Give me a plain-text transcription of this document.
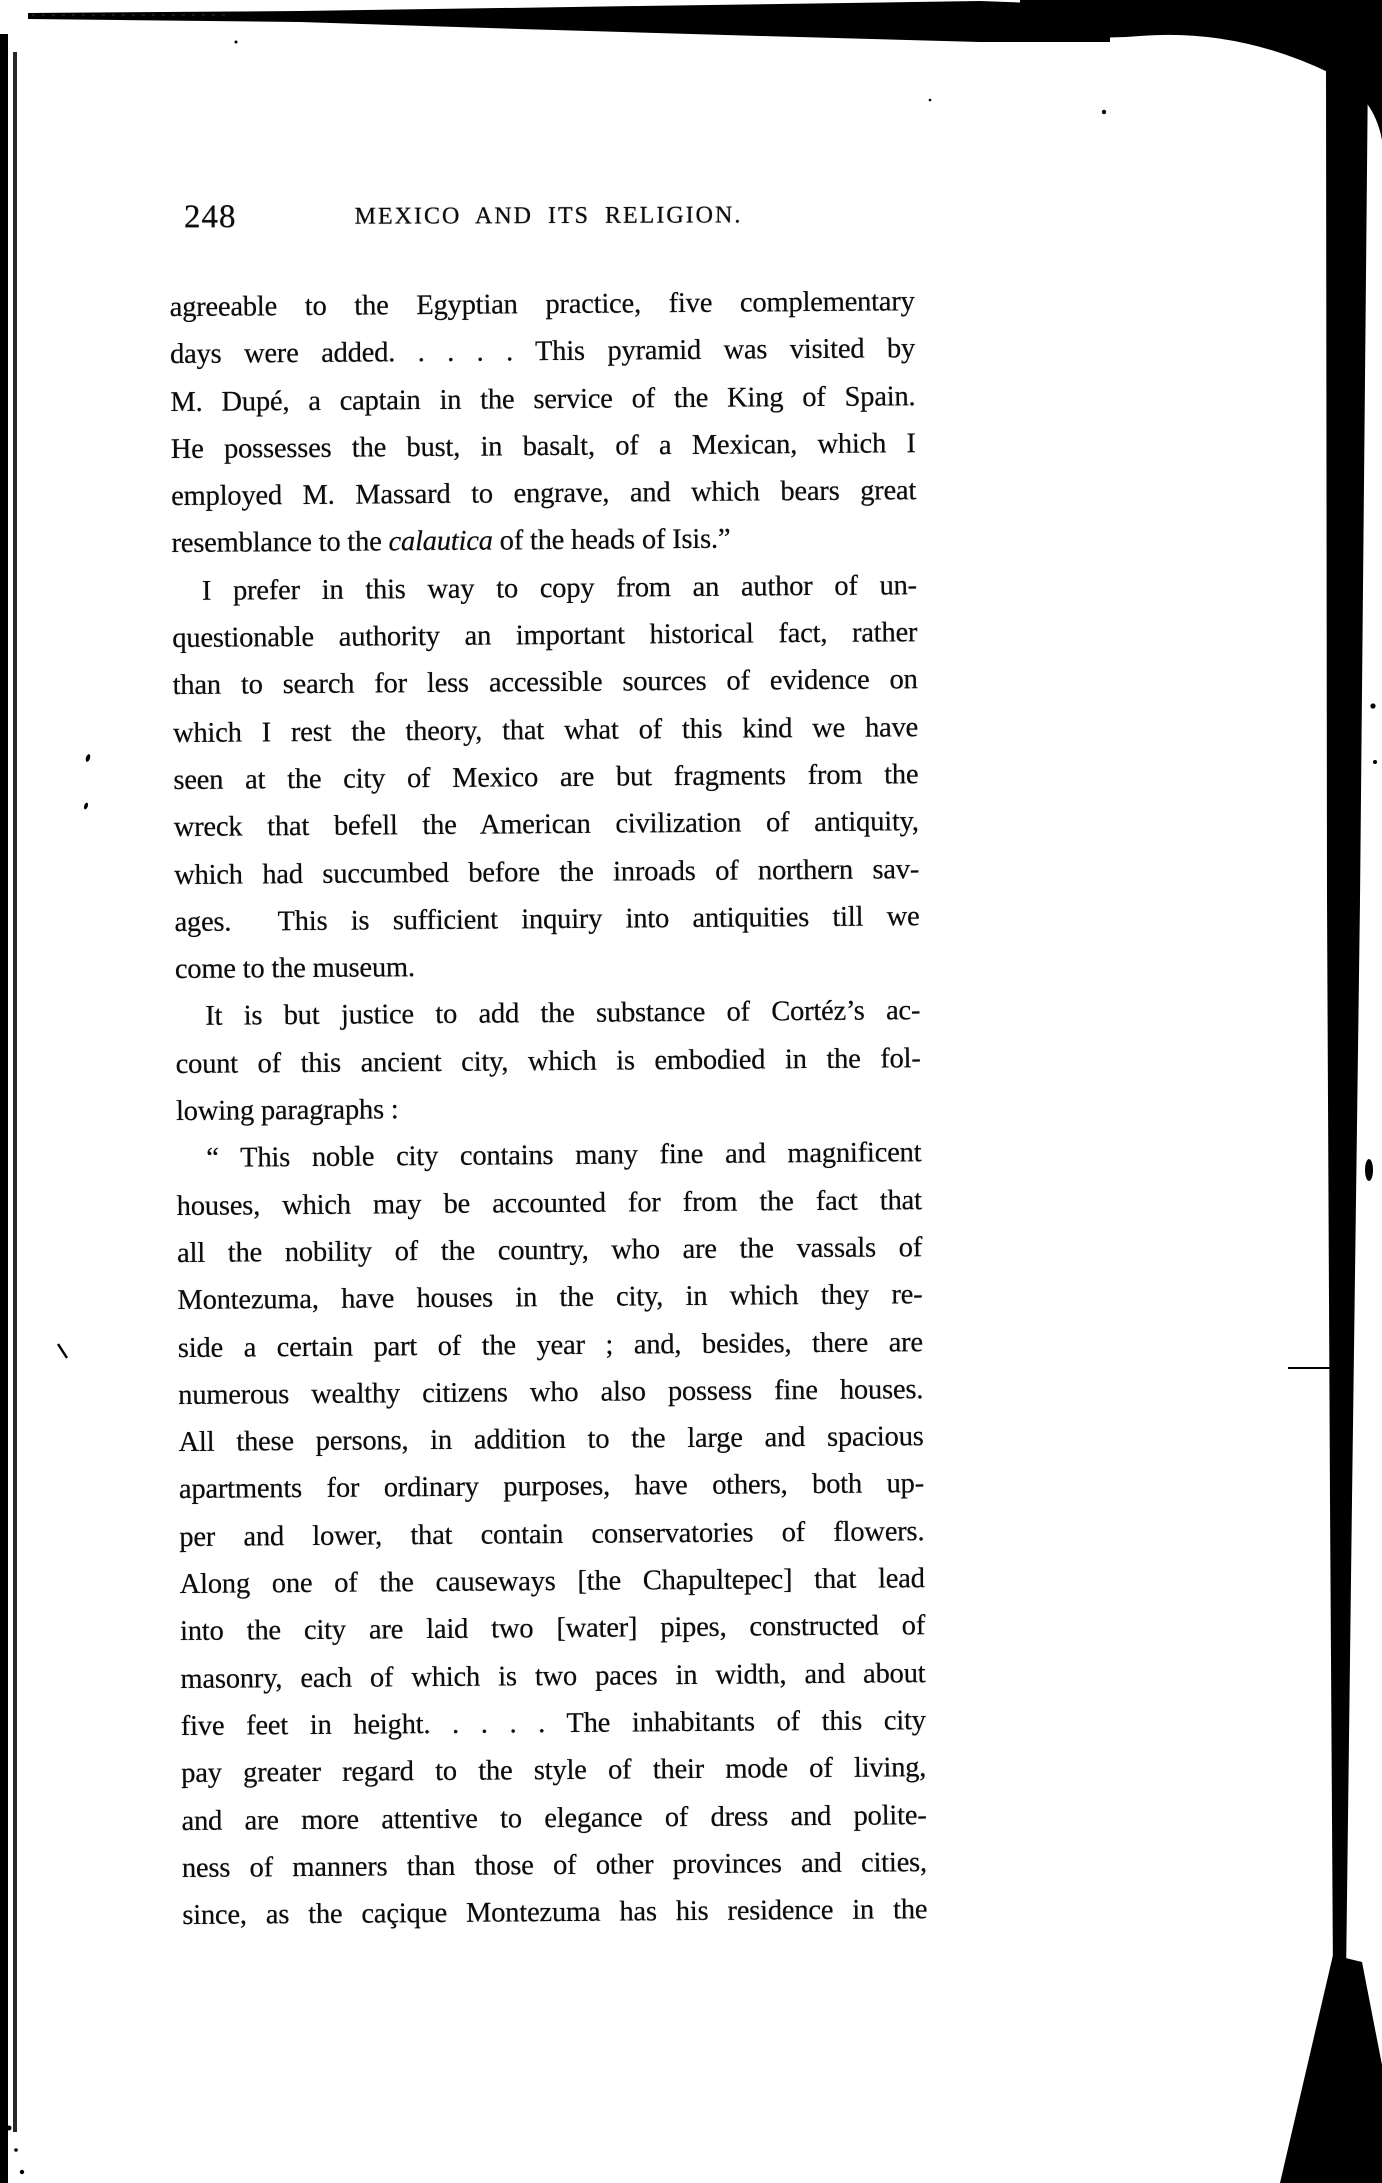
248	MEXICO AND ITS RELIGION.
agreeable to the Egyptian practice, five complementary
days were added. . . . . This pyramid was visited by
M. Dupé, a captain in the service of the King of Spain.
He possesses the bust, in basalt, of a Mexican, which I
employed M. Massard to engrave, and which bears great
resemblance to the calautica of the heads of Isis.”
I prefer in this way to copy from an author of un-
questionable authority an important historical fact, rather
than to search for less accessible sources of evidence on
which I rest the theory, that what of this kind we have
seen at the city of Mexico are but fragments from the
wreck that befell the American civilization of antiquity,
which had succumbed before the inroads of northern sav-
ages.  This is sufficient inquiry into antiquities till we
come to the museum.
It is but justice to add the substance of Cortéz’s ac-
count of this ancient city, which is embodied in the fol-
lowing paragraphs :
“ This noble city contains many fine and magnificent
houses, which may be accounted for from the fact that
all the nobility of the country, who are the vassals of
Montezuma, have houses in the city, in which they re-
side a certain part of the year ; and, besides, there are
numerous wealthy citizens who also possess fine houses.
All these persons, in addition to the large and spacious
apartments for ordinary purposes, have others, both up-
per and lower, that contain conservatories of flowers.
Along one of the causeways [the Chapultepec] that lead
into the city are laid two [water] pipes, constructed of
masonry, each of which is two paces in width, and about
five feet in height. . . . . The inhabitants of this city
pay greater regard to the style of their mode of living,
and are more attentive to elegance of dress and polite-
ness of manners than those of other provinces and cities,
since, as the caçique Montezuma has his residence in the
